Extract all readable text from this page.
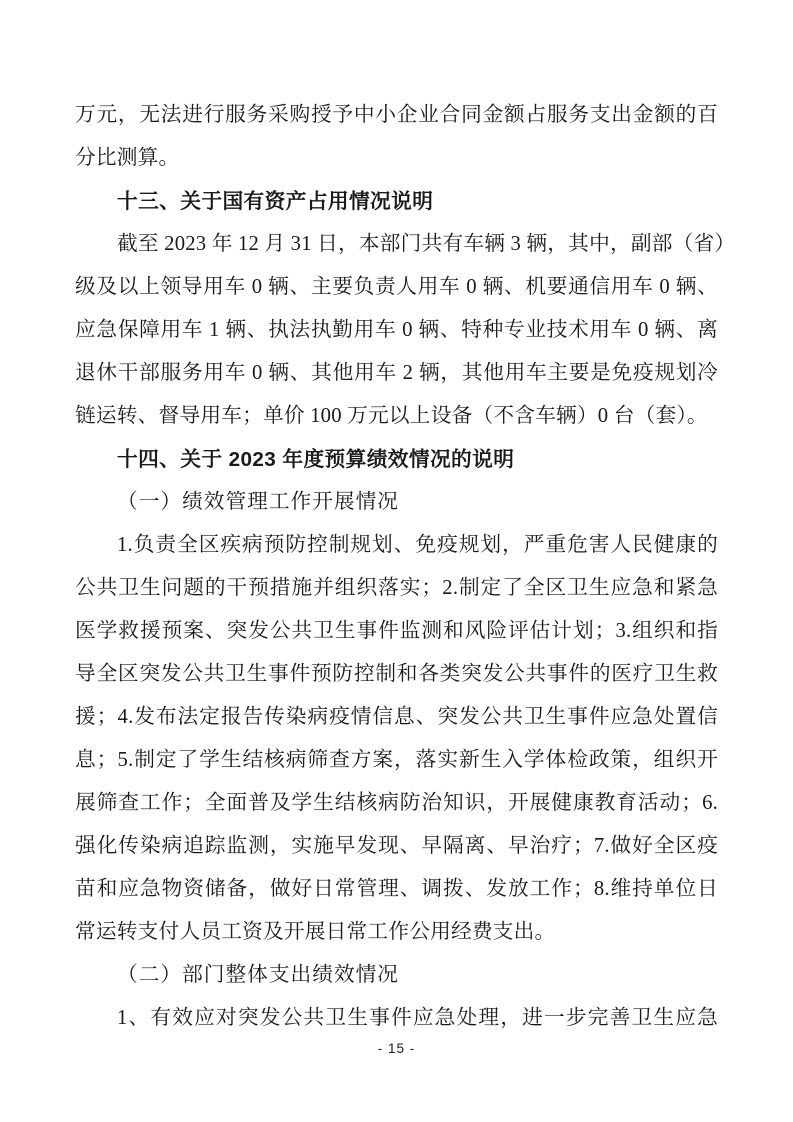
万元，无法进行服务采购授予中小企业合同金额占服务支出金额的百
分比测算。
十三、关于国有资产占用情况说明
截至 2023 年 12 月 31 日，本部门共有车辆 3 辆，其中，副部（省）
级及以上领导用车 0 辆、主要负责人用车 0 辆、机要通信用车 0 辆、
应急保障用车 1 辆、执法执勤用车 0 辆、特种专业技术用车 0 辆、离
退休干部服务用车 0 辆、其他用车 2 辆，其他用车主要是免疫规划冷
链运转、督导用车；单价 100 万元以上设备（不含车辆）0 台（套）。
十四、关于 2023 年度预算绩效情况的说明
（一）绩效管理工作开展情况
1.负责全区疾病预防控制规划、免疫规划，严重危害人民健康的
公共卫生问题的干预措施并组织落实；2.制定了全区卫生应急和紧急
医学救援预案、突发公共卫生事件监测和风险评估计划；3.组织和指
导全区突发公共卫生事件预防控制和各类突发公共事件的医疗卫生救
援；4.发布法定报告传染病疫情信息、突发公共卫生事件应急处置信
息；5.制定了学生结核病筛查方案，落实新生入学体检政策，组织开
展筛查工作；全面普及学生结核病防治知识，开展健康教育活动；6.
强化传染病追踪监测，实施早发现、早隔离、早治疗；7.做好全区疫
苗和应急物资储备，做好日常管理、调拨、发放工作；8.维持单位日
常运转支付人员工资及开展日常工作公用经费支出。
（二）部门整体支出绩效情况
1、有效应对突发公共卫生事件应急处理，进一步完善卫生应急
- 15 -
